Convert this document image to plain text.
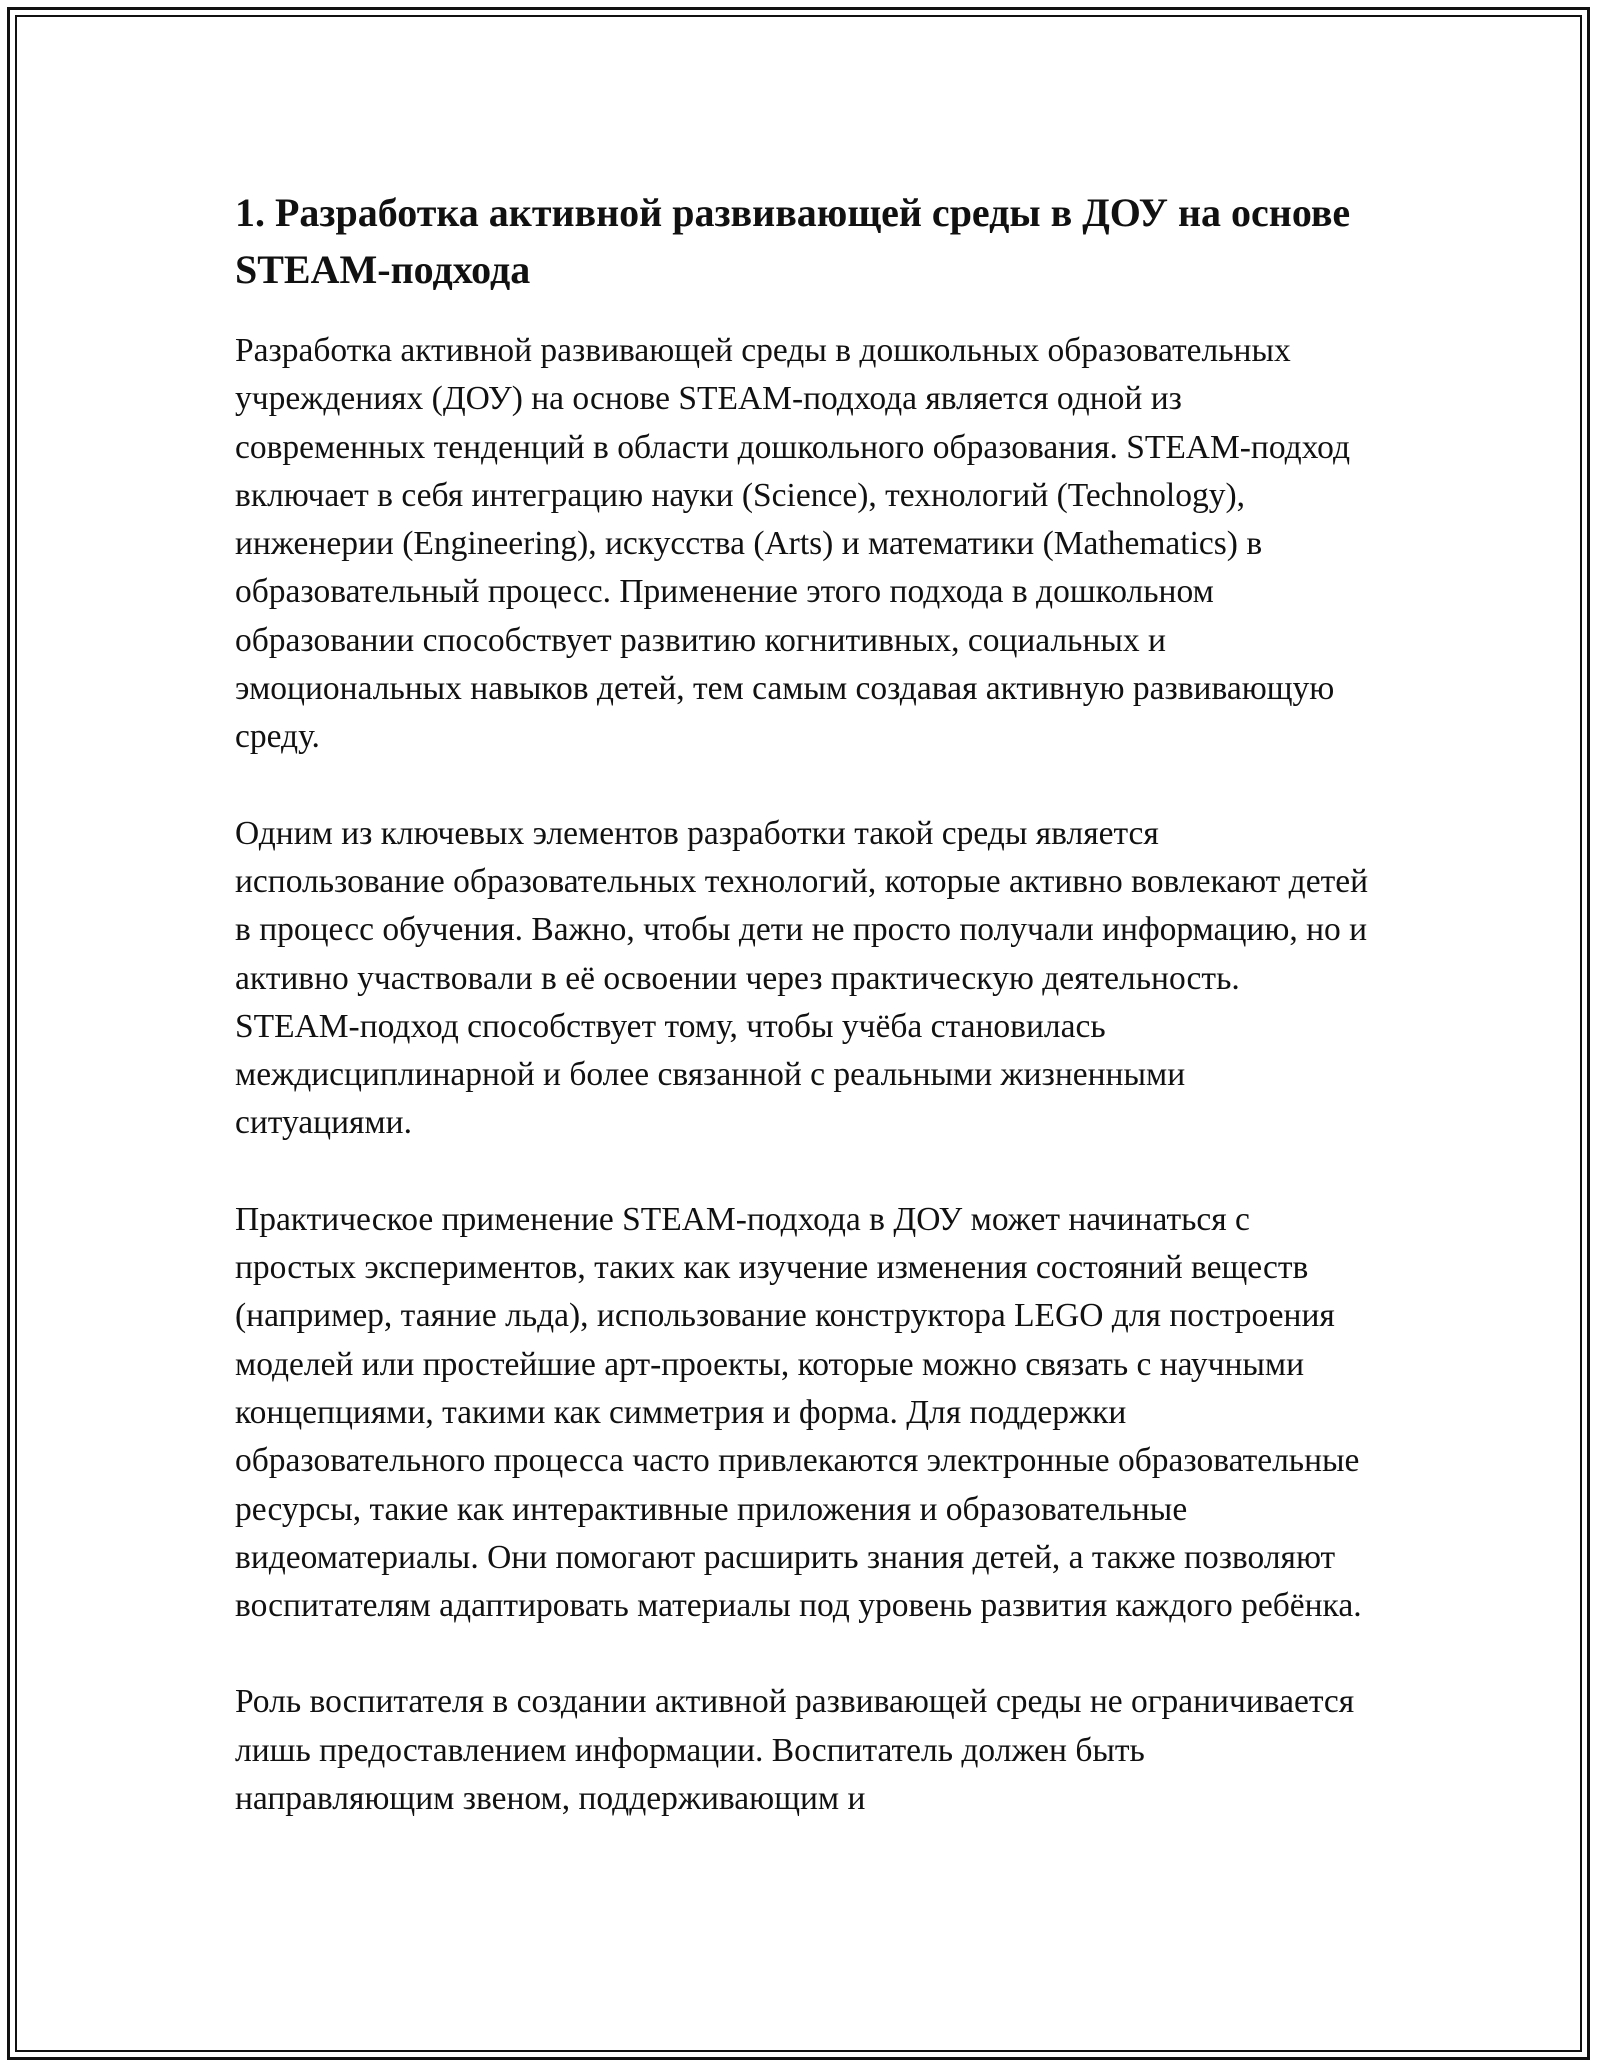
1. Разработка активной развивающей среды в ДОУ на основе STEAM-подхода

Разработка активной развивающей среды в дошкольных образовательных учреждениях (ДОУ) на основе STEAM-подхода является одной из современных тенденций в области дошкольного образования. STEAM-подход включает в себя интеграцию науки (Science), технологий (Technology), инженерии (Engineering), искусства (Arts) и математики (Mathematics) в образовательный процесс. Применение этого подхода в дошкольном образовании способствует развитию когнитивных, социальных и эмоциональных навыков детей, тем самым создавая активную развивающую среду.

Одним из ключевых элементов разработки такой среды является использование образовательных технологий, которые активно вовлекают детей в процесс обучения. Важно, чтобы дети не просто получали информацию, но и активно участвовали в её освоении через практическую деятельность. STEAM-подход способствует тому, чтобы учёба становилась междисциплинарной и более связанной с реальными жизненными ситуациями.

Практическое применение STEAM-подхода в ДОУ может начинаться с простых экспериментов, таких как изучение изменения состояний веществ (например, таяние льда), использование конструктора LEGO для построения моделей или простейшие арт-проекты, которые можно связать с научными концепциями, такими как симметрия и форма. Для поддержки образовательного процесса часто привлекаются электронные образовательные ресурсы, такие как интерактивные приложения и образовательные видеоматериалы. Они помогают расширить знания детей, а также позволяют воспитателям адаптировать материалы под уровень развития каждого ребёнка.

Роль воспитателя в создании активной развивающей среды не ограничивается лишь предоставлением информации. Воспитатель должен быть направляющим звеном, поддерживающим и
